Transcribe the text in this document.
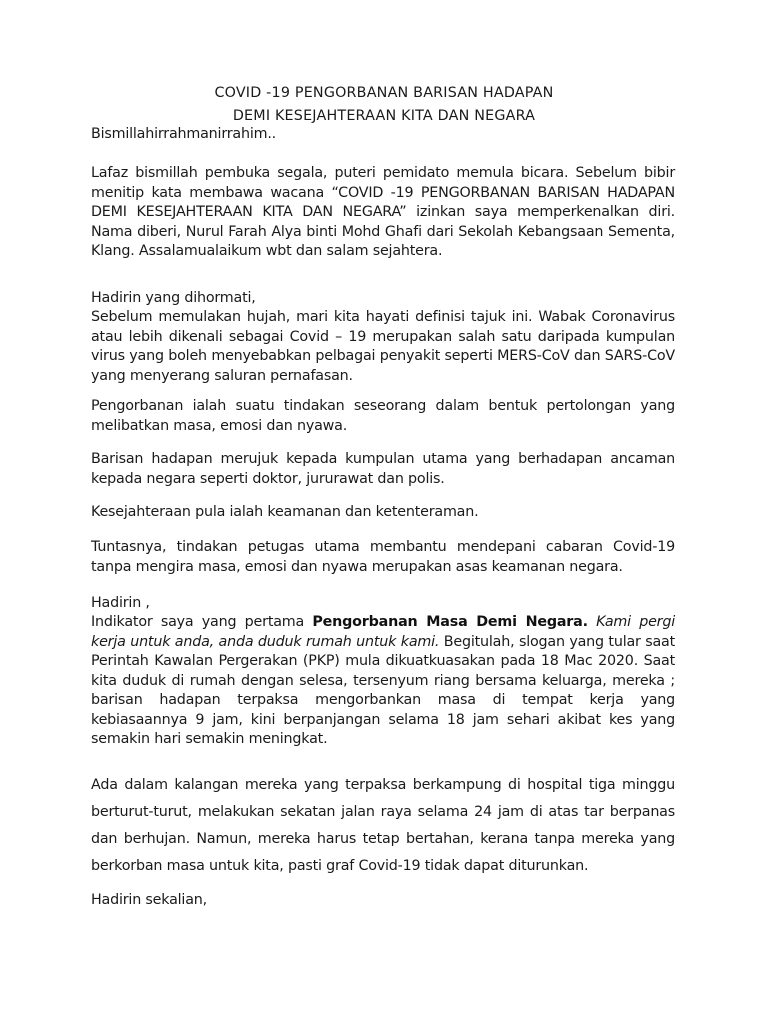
COVID -19 PENGORBANAN BARISAN HADAPAN

DEMI KESEJAHTERAAN KITA DAN NEGARA

Bismillahirrahmanirrahim..

Lafaz bismillah pembuka segala, puteri pemidato memula bicara. Sebelum bibir menitip kata membawa wacana “COVID -19 PENGORBANAN BARISAN HADAPAN DEMI KESEJAHTERAAN KITA DAN NEGARA” izinkan saya memperkenalkan diri. Nama diberi, Nurul Farah Alya binti Mohd Ghafi dari Sekolah Kebangsaan Sementa, Klang. Assalamualaikum wbt dan salam sejahtera.

Hadirin yang dihormati,

Sebelum memulakan hujah, mari kita hayati definisi tajuk ini. Wabak Coronavirus atau lebih dikenali sebagai Covid – 19 merupakan salah satu daripada kumpulan virus yang boleh menyebabkan pelbagai penyakit seperti MERS-CoV dan SARS-CoV yang menyerang saluran pernafasan.

Pengorbanan ialah suatu tindakan seseorang dalam bentuk pertolongan yang melibatkan masa, emosi dan nyawa.

Barisan hadapan merujuk kepada kumpulan utama yang berhadapan ancaman kepada negara seperti doktor, jururawat dan polis.

Kesejahteraan pula ialah keamanan dan ketenteraman.

Tuntasnya, tindakan petugas utama membantu mendepani cabaran Covid-19 tanpa mengira masa, emosi dan nyawa merupakan asas keamanan negara.

Hadirin ,

Indikator saya yang pertama Pengorbanan Masa Demi Negara. Kami pergi kerja untuk anda, anda duduk rumah untuk kami. Begitulah, slogan yang tular saat Perintah Kawalan Pergerakan (PKP) mula dikuatkuasakan pada 18 Mac 2020. Saat kita duduk di rumah dengan selesa, tersenyum riang bersama keluarga, mereka ; barisan hadapan terpaksa mengorbankan masa di tempat kerja yang kebiasaannya 9 jam, kini berpanjangan selama 18 jam sehari akibat kes yang semakin hari semakin meningkat.

Ada dalam kalangan mereka yang terpaksa berkampung di hospital tiga minggu berturut-turut, melakukan sekatan jalan raya selama 24 jam di atas tar berpanas dan berhujan. Namun, mereka harus tetap bertahan, kerana tanpa mereka yang berkorban masa untuk kita, pasti graf Covid-19 tidak dapat diturunkan.

Hadirin sekalian,
